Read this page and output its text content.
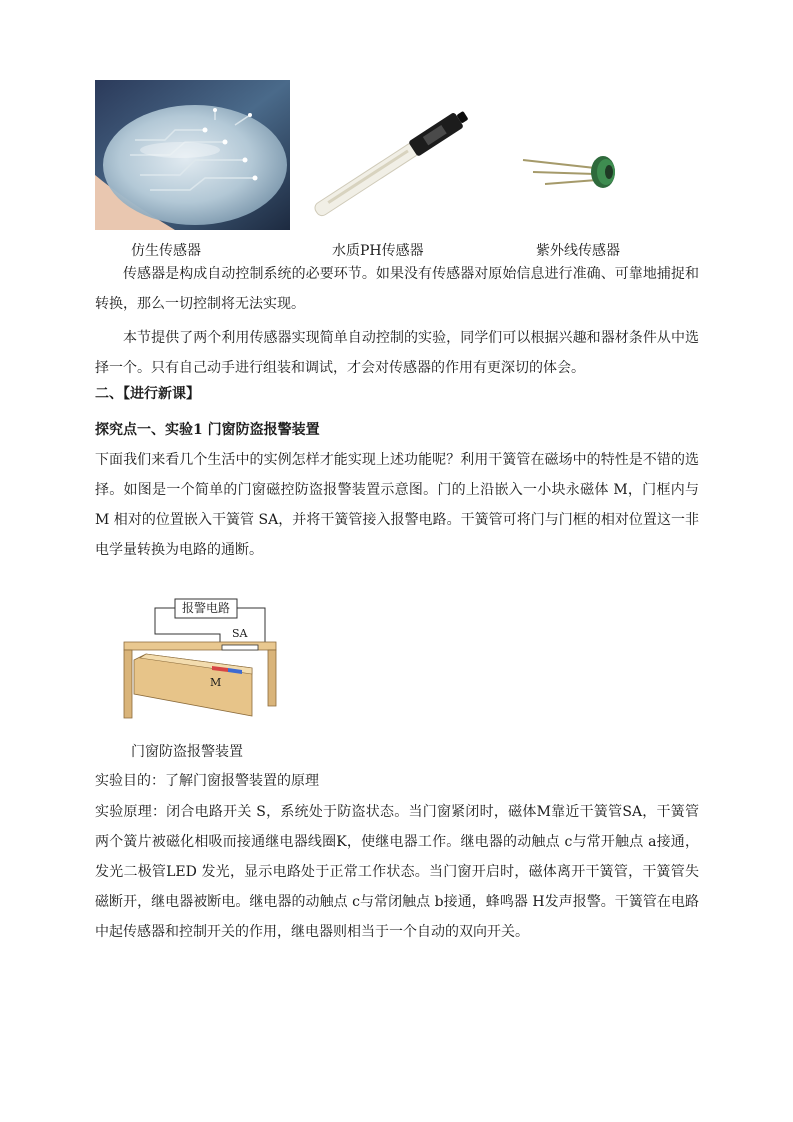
仿生传感器	水质PH传感器	紫外线传感器
传感器是构成自动控制系统的必要环节。如果没有传感器对原始信息进行准确、可靠地捕捉和转换，那么一切控制将无法实现。
本节提供了两个利用传感器实现简单自动控制的实验，同学们可以根据兴趣和器材条件从中选择一个。只有自己动手进行组装和调试，才会对传感器的作用有更深切的体会。
二、【进行新课】
探究点一、实验1 门窗防盗报警装置
下面我们来看几个生活中的实例怎样才能实现上述功能呢？利用干簧管在磁场中的特性是不错的选择。如图是一个简单的门窗磁控防盗报警装置示意图。门的上沿嵌入一小块永磁体 M，门框内与M 相对的位置嵌入干簧管 SA，并将干簧管接入报警电路。干簧管可将门与门框的相对位置这一非电学量转换为电路的通断。
报警电路
SA
M
门窗防盗报警装置
实验目的：了解门窗报警装置的原理
实验原理：闭合电路开关 S，系统处于防盗状态。当门窗紧闭时，磁体M靠近干簧管SA，干簧管两个簧片被磁化相吸而接通继电器线圈K，使继电器工作。继电器的动触点 c与常开触点 a接通，发光二极管LED 发光，显示电路处于正常工作状态。当门窗开启时，磁体离开干簧管，干簧管失磁断开，继电器被断电。继电器的动触点 c与常闭触点 b接通，蜂鸣器 H发声报警。干簧管在电路中起传感器和控制开关的作用，继电器则相当于一个自动的双向开关。
